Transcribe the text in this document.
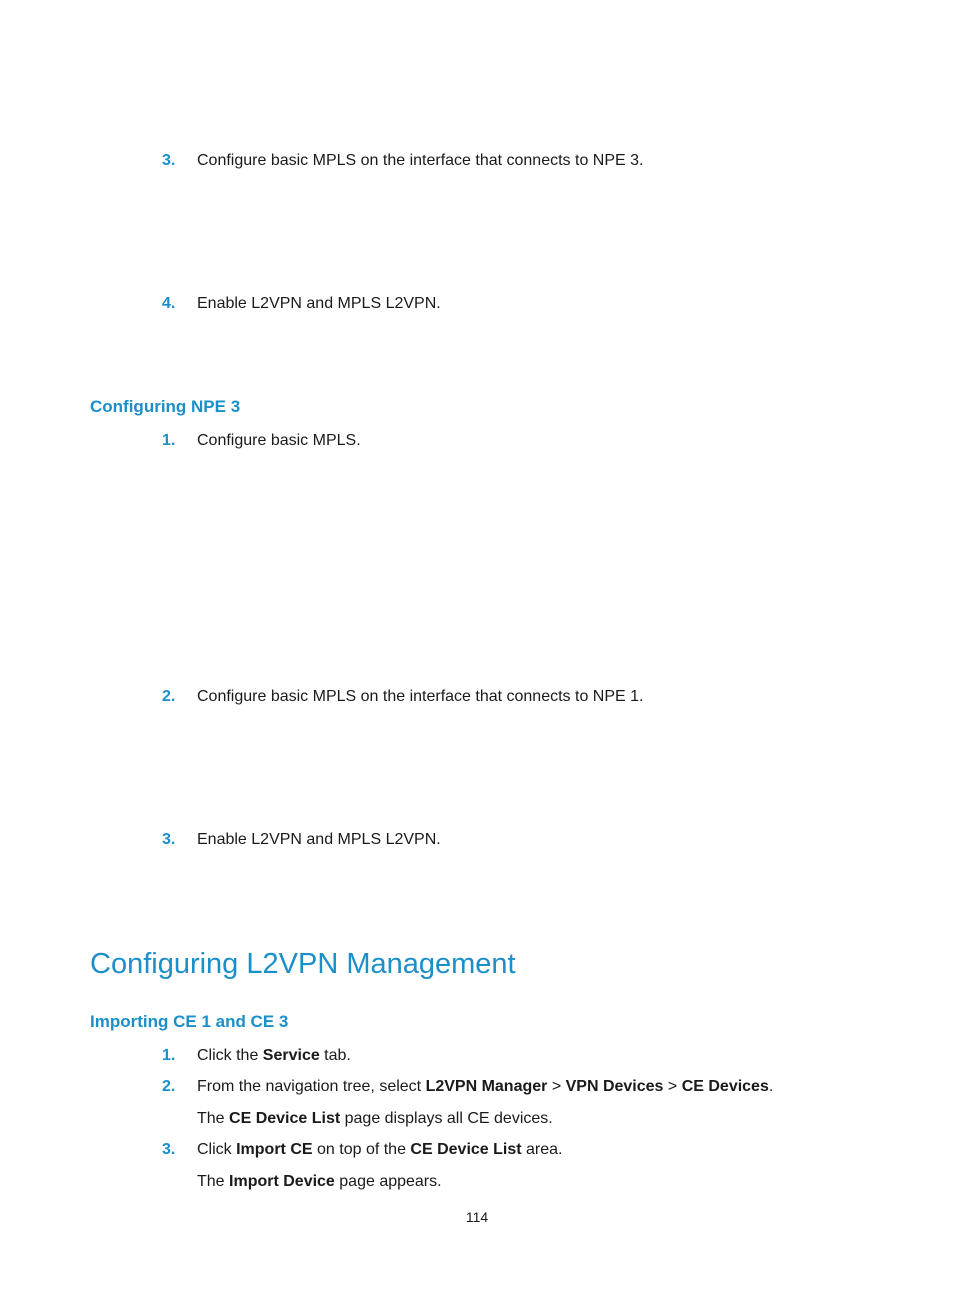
3. Configure basic MPLS on the interface that connects to NPE 3.
4. Enable L2VPN and MPLS L2VPN.
Configuring NPE 3
1. Configure basic MPLS.
2. Configure basic MPLS on the interface that connects to NPE 1.
3. Enable L2VPN and MPLS L2VPN.
Configuring L2VPN Management
Importing CE 1 and CE 3
1. Click the Service tab.
2. From the navigation tree, select L2VPN Manager > VPN Devices > CE Devices.
The CE Device List page displays all CE devices.
3. Click Import CE on top of the CE Device List area.
The Import Device page appears.
114
